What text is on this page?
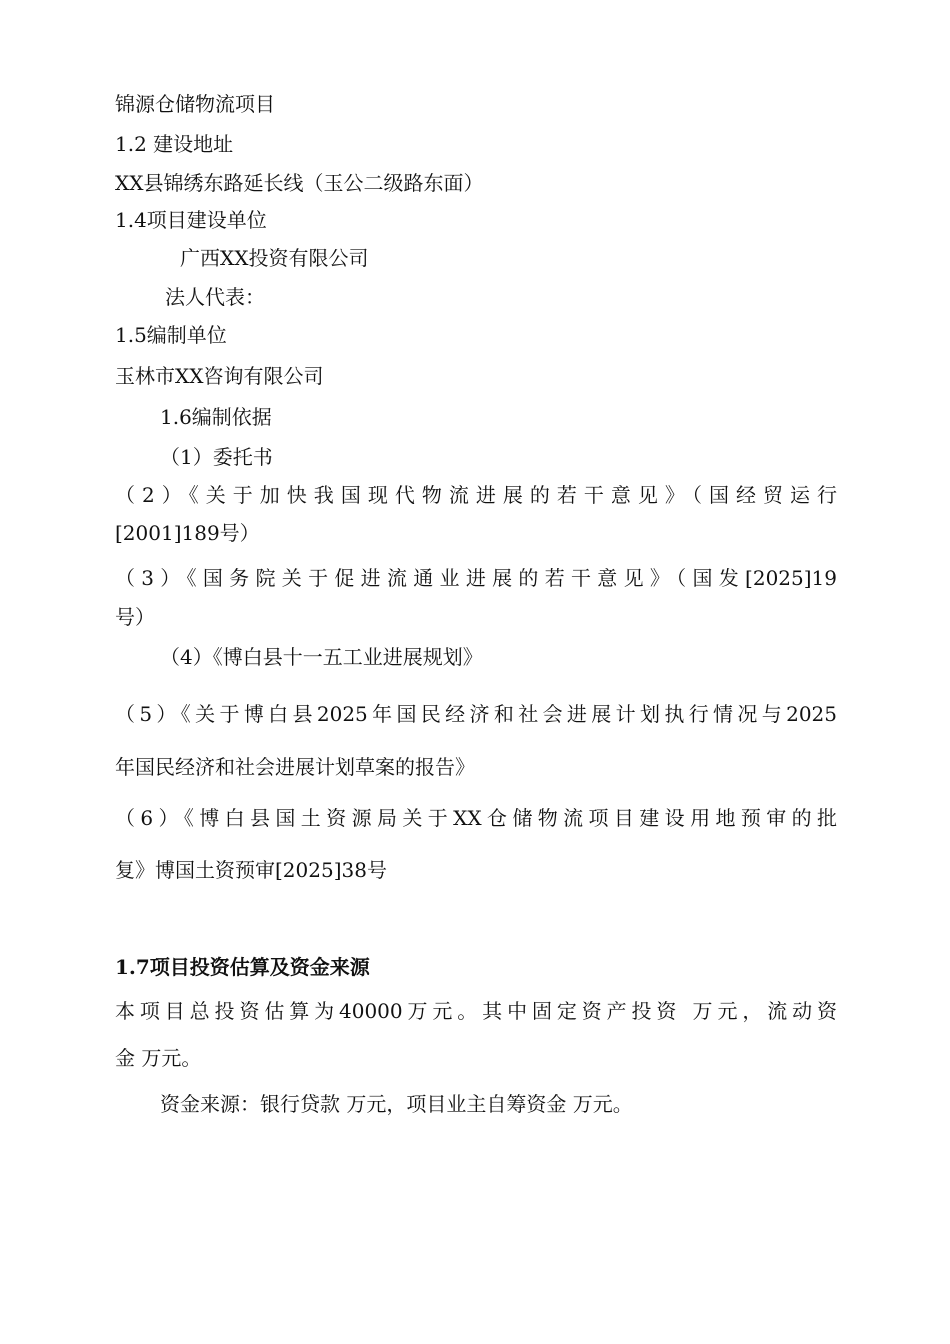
锦源仓储物流项目
1.2 建设地址
XX县锦绣东路延长线（玉公二级路东面）
1.4项目建设单位
广西XX投资有限公司
法人代表：
1.5编制单位
玉林市XX咨询有限公司
1.6编制依据
（1）委托书
（2）《关于加快我国现代物流进展的若干意见》（国经贸运行
[2001]189号）
（3）《国务院关于促进流通业进展的若干意见》（国发[2025]19
号）
（4）《博白县十一五工业进展规划》
（5）《关于博白县2025年国民经济和社会进展计划执行情况与2025
年国民经济和社会进展计划草案的报告》
（6）《博白县国土资源局关于XX仓储物流项目建设用地预审的批
复》博国土资预审[2025]38号
1.7项目投资估算及资金来源
本项目总投资估算为40000万元。其中固定资产投资 万元，流动资
金 万元。
资金来源：银行贷款 万元，项目业主自筹资金 万元。
